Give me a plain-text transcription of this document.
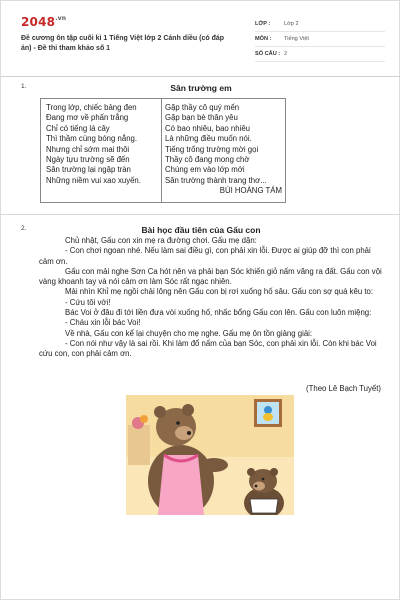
$2048^{.vn}$
Đề cương ôn tập cuối kì 1 Tiếng Việt lớp 2 Cánh diều (có đáp án) - Đề thi tham khảo số 1
LỚP :	Lớp 2
MÔN :	Tiếng Việt
SỐ CÂU : 2
1.	Sân trường em
Trong lớp, chiếc bảng đen
Đang mơ về phấn trắng
Chỉ có tiếng lá cây
Thì thầm cùng bóng nắng.
Nhưng chỉ sớm mai thôi
Ngày tựu trường sẽ đến
Sân trường lại ngập tràn
Những niềm vui xao xuyến.
Gặp thầy cô quý mến
Gặp bạn bè thân yêu
Có bao nhiêu, bao nhiêu
Là những điều muốn nói.
Tiếng trống trường mời gọi
Thầy cô đang mong chờ
Chúng em vào lớp mới
Sân trường thành trang thơ...
BÙI HOÀNG TÁM
2.	Bài học đầu tiên của Gấu con

Chủ nhật, Gấu con xin mẹ ra đường chơi. Gấu mẹ dặn:

- Con chơi ngoan nhé. Nếu làm sai điều gì, con phải xin lỗi. Được ai giúp đỡ thì con phải cảm ơn.

Gấu con mải nghe Sơn Ca hót nên va phải bạn Sóc khiến giỏ nấm văng ra đất. Gấu con vội vàng khoanh tay và nói cảm ơn làm Sóc rất ngạc nhiên.

Mải nhìn Khỉ mẹ ngồi chải lông nên Gấu con bị rơi xuống hố sâu. Gấu con sợ quá kêu to:

- Cứu tôi với!

Bác Voi ở đâu đi tới liền đưa vòi xuống hố, nhấc bổng Gấu con lên. Gấu con luôn miệng:

- Cháu xin lỗi bác Voi!

Về nhà, Gấu con kể lại chuyện cho mẹ nghe. Gấu mẹ ôn tồn giảng giải:

- Con nói như vậy là sai rồi. Khi làm đổ nấm của bạn Sóc, con phải xin lỗi. Còn khi bác Voi cứu con, con phải cảm ơn.

(Theo Lê Bạch Tuyết)
